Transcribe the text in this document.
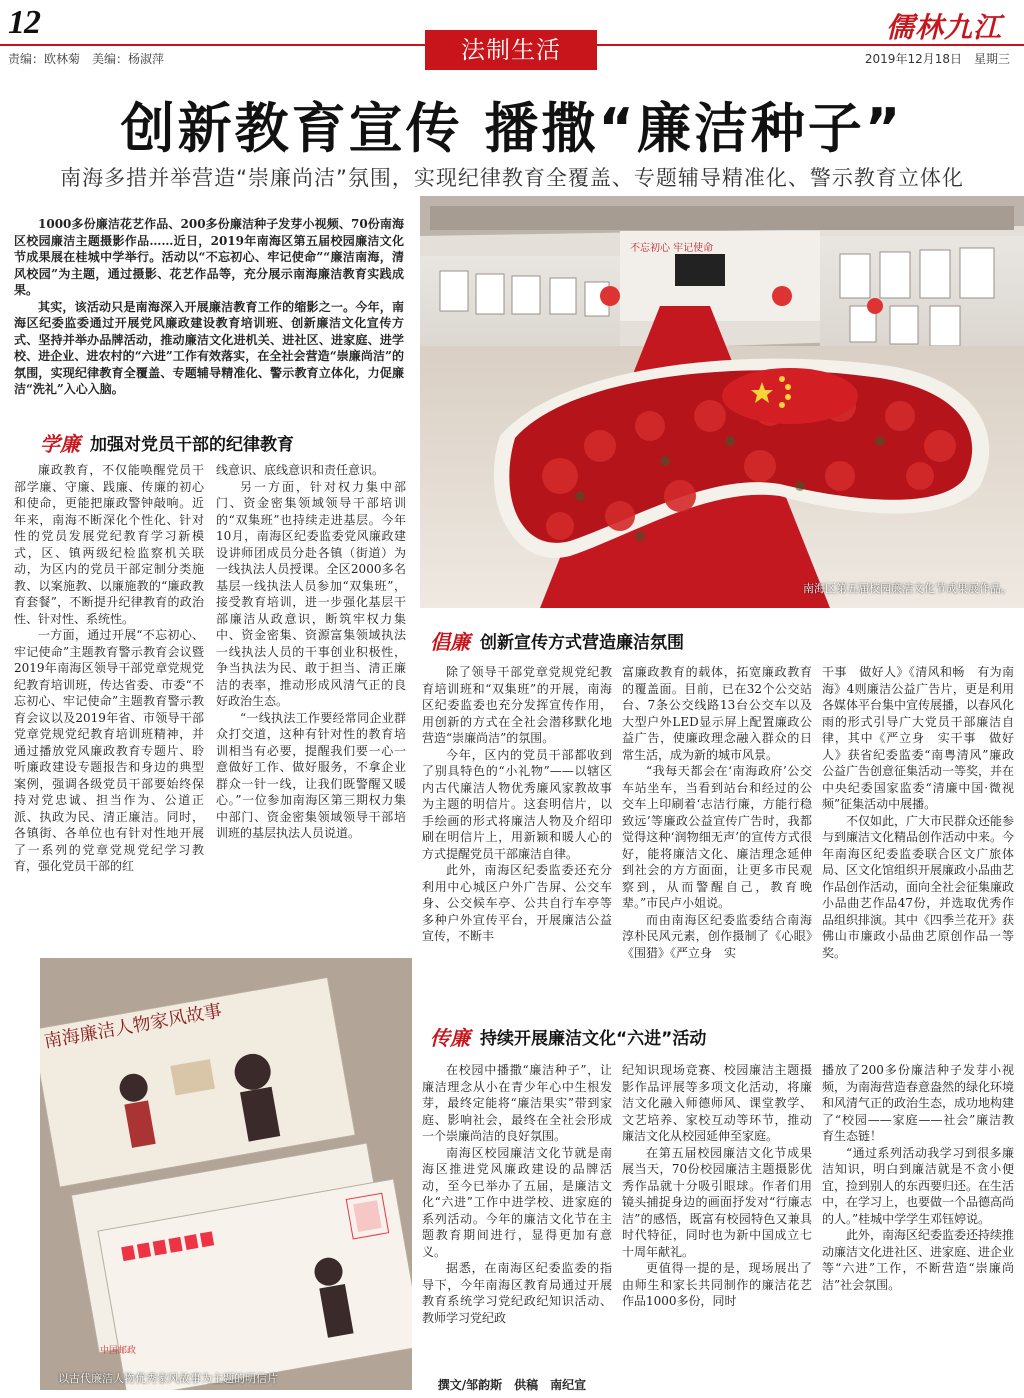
12
责编：欧林菊　美编：杨淑萍	法制生活
儒林九江
2019年12月18日　星期三
创新教育宣传 播撒“廉洁种子”
南海多措并举营造“崇廉尚洁”氛围，实现纪律教育全覆盖、专题辅导精准化、警示教育立体化

1000多份廉洁花艺作品、200多份廉洁种子发芽小视频、70份南海区校园廉洁主题摄影作品……近日，2019年南海区第五届校园廉洁文化节成果展在桂城中学举行。活动以“不忘初心、牢记使命”“廉洁南海，清风校园”为主题，通过摄影、花艺作品等，充分展示南海廉洁教育实践成果。

其实，该活动只是南海深入开展廉洁教育工作的缩影之一。今年，南海区纪委监委通过开展党风廉政建设教育培训班、创新廉洁文化宣传方式、坚持并举办品牌活动，推动廉洁文化进机关、进社区、进家庭、进学校、进企业、进农村的“六进”工作有效落实，在全社会营造“崇廉尚洁”的氛围，实现纪律教育全覆盖、专题辅导精准化、警示教育立体化，力促廉洁“洗礼”入心入脑。

不忘初心 牢记使命
南海区第五届校园廉洁文化节成果展作品。
学廉 加强对党员干部的纪律教育

廉政教育，不仅能唤醒党员干部学廉、守廉、践廉、传廉的初心和使命，更能把廉政警钟敲响。近年来，南海不断深化个性化、针对性的党员发展党纪教育学习新模式，区、镇两级纪检监察机关联动，为区内的党员干部定制分类施教、以案施教、以廉施教的“廉政教育套餐”，不断提升纪律教育的政治性、针对性、系统性。

一方面，通过开展“不忘初心、牢记使命”主题教育警示教育会议暨2019年南海区领导干部党章党规党纪教育培训班，传达省委、市委“不忘初心、牢记使命”主题教育警示教育会议以及2019年省、市领导干部党章党规党纪教育培训班精神，并通过播放党风廉政教育专题片、聆听廉政建设专题报告和身边的典型案例，强调各级党员干部要始终保持对党忠诚、担当作为、公道正派、执政为民、清正廉洁。同时，各镇街、各单位也有针对性地开展了一系列的党章党规党纪学习教育，强化党员干部的红

线意识、底线意识和责任意识。

另一方面，针对权力集中部门、资金密集领域领导干部培训的“双集班”也持续走进基层。今年10月，南海区纪委监委党风廉政建设讲师团成员分赴各镇（街道）为一线执法人员授课。全区2000多名基层一线执法人员参加“双集班”，接受教育培训，进一步强化基层干部廉洁从政意识，断筑牢权力集中、资金密集、资源富集领域执法一线执法人员的干事创业积极性，争当执法为民、敢于担当、清正廉洁的表率，推动形成风清气正的良好政治生态。

“一线执法工作要经常同企业群众打交道，这种有针对性的教育培训相当有必要，提醒我们要一心一意做好工作、做好服务，不拿企业群众一针一线，让我们既警醒又暖心。”一位参加南海区第三期权力集中部门、资金密集领域领导干部培训班的基层执法人员说道。

南海廉洁人物家风故事
中国邮政
以古代廉洁人物优秀家风故事为主题的明信片
倡廉 创新宣传方式营造廉洁氛围

除了领导干部党章党规党纪教育培训班和“双集班”的开展，南海区纪委监委也充分发挥宣传作用，用创新的方式在全社会潜移默化地营造“崇廉尚洁”的氛围。

今年，区内的党员干部都收到了别具特色的“小礼物”——以辖区内古代廉洁人物优秀廉风家教故事为主题的明信片。这套明信片，以手绘画的形式将廉洁人物及介绍印刷在明信片上，用新颖和暖人心的方式提醒党员干部廉洁自律。

此外，南海区纪委监委还充分利用中心城区户外广告屏、公交车身、公交候车亭、公共自行车亭等多种户外宣传平台，开展廉洁公益宣传，不断丰

富廉政教育的载体，拓宽廉政教育的覆盖面。目前，已在32个公交站台、7条公交线路13台公交车以及大型户外LED显示屏上配置廉政公益广告，使廉政理念融入群众的日常生活，成为新的城市风景。

“我每天都会在‘南海政府’公交车站坐车，当看到站台和经过的公交车上印刷着‘志洁行廉，方能行稳致远’等廉政公益宣传广告时，我都觉得这种‘润物细无声’的宣传方式很好，能将廉洁文化、廉洁理念延伸到社会的方方面面，让更多市民观察到，从而警醒自己，教育晚辈。”市民卢小姐说。

而由南海区纪委监委结合南海淳朴民风元素，创作摄制了《心眼》《围猎》《严立身　实

干事　做好人》《清风和畅　有为南海》4则廉洁公益广告片，更是利用各媒体平台集中宣传展播，以春风化雨的形式引导广大党员干部廉洁自律，其中《严立身　实干事　做好人》获省纪委监委“南粤清风”廉政公益广告创意征集活动一等奖，并在中央纪委国家监委“清廉中国·微视频”征集活动中展播。

不仅如此，广大市民群众还能参与到廉洁文化精品创作活动中来。今年南海区纪委监委联合区文广旅体局、区文化馆组织开展廉政小品曲艺作品创作活动，面向全社会征集廉政小品曲艺作品47份，并选取优秀作品组织排演。其中《四季兰花开》获佛山市廉政小品曲艺原创作品一等奖。

传廉 持续开展廉洁文化“六进”活动

在校园中播撒“廉洁种子”，让廉洁理念从小在青少年心中生根发芽，最终定能将“廉洁果实”带到家庭、影响社会，最终在全社会形成一个崇廉尚洁的良好氛围。

南海区校园廉洁文化节就是南海区推进党风廉政建设的品牌活动，至今已举办了五届，是廉洁文化“六进”工作中进学校、进家庭的系列活动。今年的廉洁文化节在主题教育期间进行，显得更加有意义。

据悉，在南海区纪委监委的指导下，今年南海区教育局通过开展教育系统学习党纪政纪知识活动、教师学习党纪政

纪知识现场竞赛、校园廉洁主题摄影作品评展等多项文化活动，将廉洁文化融入师德师风、课堂教学、文艺培养、家校互动等环节，推动廉洁文化从校园延伸至家庭。

在第五届校园廉洁文化节成果展当天，70份校园廉洁主题摄影优秀作品就十分吸引眼球。作者们用镜头捕捉身边的画面抒发对“行廉志洁”的感悟，既富有校园特色又兼具时代特征，同时也为新中国成立七十周年献礼。

更值得一提的是，现场展出了由师生和家长共同制作的廉洁花艺作品1000多份，同时

播放了200多份廉洁种子发芽小视频，为南海营造春意盎然的绿化环境和风清气正的政治生态，成功地构建了“校园——家庭——社会”廉洁教育生态链！

“通过系列活动我学习到很多廉洁知识，明白到廉洁就是不贪小便宜，捡到别人的东西要归还。在生活中，在学习上，也要做一个品德高尚的人。”桂城中学学生邓钰婷说。

此外，南海区纪委监委还持续推动廉洁文化进社区、进家庭、进企业等“六进”工作，不断营造“崇廉尚洁”社会氛围。

撰文/邹韵斯　供稿　南纪宣
